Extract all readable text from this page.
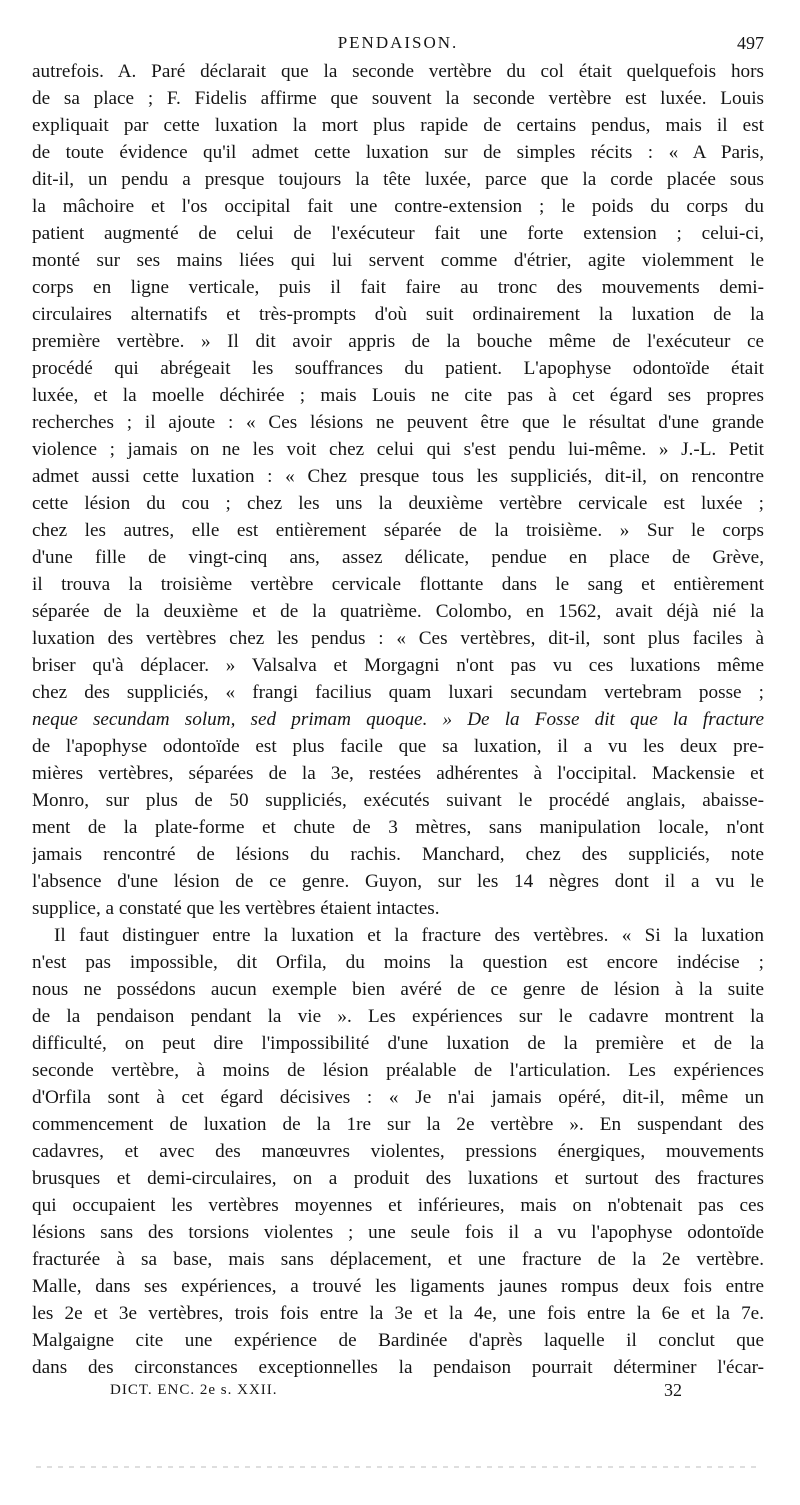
PENDAISON.	497
autrefois. A. Paré déclarait que la seconde vertèbre du col était quelquefois hors
de sa place ; F. Fidelis affirme que souvent la seconde vertèbre est luxée. Louis
expliquait par cette luxation la mort plus rapide de certains pendus, mais il est
de toute évidence qu'il admet cette luxation sur de simples récits : « A Paris,
dit-il, un pendu a presque toujours la tête luxée, parce que la corde placée sous
la mâchoire et l'os occipital fait une contre-extension ; le poids du corps du
patient augmenté de celui de l'exécuteur fait une forte extension ; celui-ci,
monté sur ses mains liées qui lui servent comme d'étrier, agite violemment le
corps en ligne verticale, puis il fait faire au tronc des mouvements demi-
circulaires alternatifs et très-prompts d'où suit ordinairement la luxation de la
première vertèbre. » Il dit avoir appris de la bouche même de l'exécuteur ce
procédé qui abrégeait les souffrances du patient. L'apophyse odontoïde était
luxée, et la moelle déchirée ; mais Louis ne cite pas à cet égard ses propres
recherches ; il ajoute : « Ces lésions ne peuvent être que le résultat d'une grande
violence ; jamais on ne les voit chez celui qui s'est pendu lui-même. » J.-L. Petit
admet aussi cette luxation : « Chez presque tous les suppliciés, dit-il, on rencontre
cette lésion du cou ; chez les uns la deuxième vertèbre cervicale est luxée ;
chez les autres, elle est entièrement séparée de la troisième. » Sur le corps
d'une fille de vingt-cinq ans, assez délicate, pendue en place de Grève,
il trouva la troisième vertèbre cervicale flottante dans le sang et entièrement
séparée de la deuxième et de la quatrième. Colombo, en 1562, avait déjà nié la
luxation des vertèbres chez les pendus : « Ces vertèbres, dit-il, sont plus faciles à
briser qu'à déplacer. » Valsalva et Morgagni n'ont pas vu ces luxations même
chez des suppliciés, « frangi facilius quam luxari secundam vertebram posse ;
neque secundam solum, sed primam quoque. » De la Fosse dit que la fracture
de l'apophyse odontoïde est plus facile que sa luxation, il a vu les deux pre-
mières vertèbres, séparées de la 3e, restées adhérentes à l'occipital. Mackensie et
Monro, sur plus de 50 suppliciés, exécutés suivant le procédé anglais, abaisse-
ment de la plate-forme et chute de 3 mètres, sans manipulation locale, n'ont
jamais rencontré de lésions du rachis. Manchard, chez des suppliciés, note
l'absence d'une lésion de ce genre. Guyon, sur les 14 nègres dont il a vu le
supplice, a constaté que les vertèbres étaient intactes.
Il faut distinguer entre la luxation et la fracture des vertèbres. « Si la luxation
n'est pas impossible, dit Orfila, du moins la question est encore indécise ;
nous ne possédons aucun exemple bien avéré de ce genre de lésion à la suite
de la pendaison pendant la vie ». Les expériences sur le cadavre montrent la
difficulté, on peut dire l'impossibilité d'une luxation de la première et de la
seconde vertèbre, à moins de lésion préalable de l'articulation. Les expériences
d'Orfila sont à cet égard décisives : « Je n'ai jamais opéré, dit-il, même un
commencement de luxation de la 1re sur la 2e vertèbre ». En suspendant des
cadavres, et avec des manœuvres violentes, pressions énergiques, mouvements
brusques et demi-circulaires, on a produit des luxations et surtout des fractures
qui occupaient les vertèbres moyennes et inférieures, mais on n'obtenait pas ces
lésions sans des torsions violentes ; une seule fois il a vu l'apophyse odontoïde
fracturée à sa base, mais sans déplacement, et une fracture de la 2e vertèbre.
Malle, dans ses expériences, a trouvé les ligaments jaunes rompus deux fois entre
les 2e et 3e vertèbres, trois fois entre la 3e et la 4e, une fois entre la 6e et la 7e.
Malgaigne cite une expérience de Bardinée d'après laquelle il conclut que
dans des circonstances exceptionnelles la pendaison pourrait déterminer l'écar-
DICT. ENC. 2e s. XXII.	32
